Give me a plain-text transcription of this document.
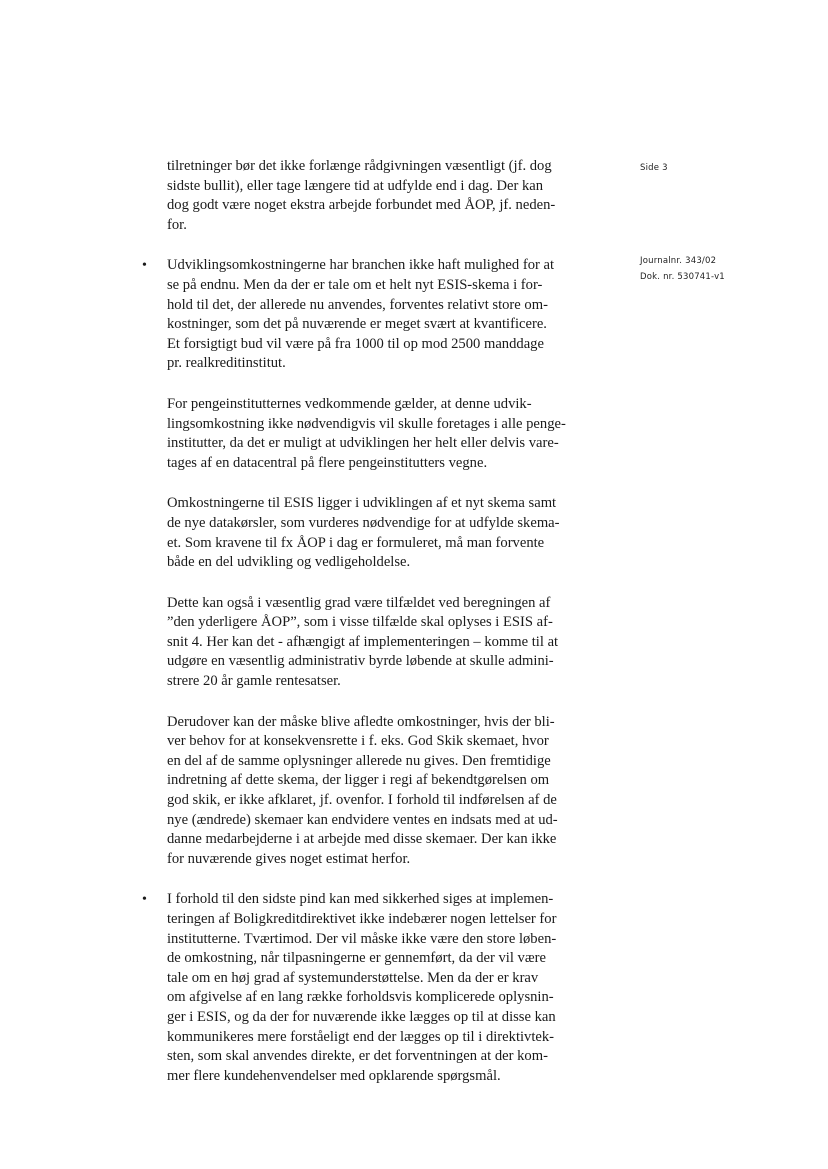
Side 3
Journalnr. 343/02
Dok. nr. 530741-v1

tilretninger bør det ikke forlænge rådgivningen væsentligt (jf. dog
sidste bullit), eller tage længere tid at udfylde end i dag. Der kan
dog godt være noget ekstra arbejde forbundet med ÅOP, jf. neden-
for.

• Udviklingsomkostningerne har branchen ikke haft mulighed for at
se på endnu. Men da der er tale om et helt nyt ESIS-skema i for-
hold til det, der allerede nu anvendes, forventes relativt store om-
kostninger, som det på nuværende er meget svært at kvantificere.
Et forsigtigt bud vil være på fra 1000 til op mod 2500 manddage
pr. realkreditinstitut.

For pengeinstitutternes vedkommende gælder, at denne udvik-
lingsomkostning ikke nødvendigvis vil skulle foretages i alle penge-
institutter, da det er muligt at udviklingen her helt eller delvis vare-
tages af en datacentral på flere pengeinstitutters vegne.

Omkostningerne til ESIS ligger i udviklingen af et nyt skema samt
de nye datakørsler, som vurderes nødvendige for at udfylde skema-
et. Som kravene til fx ÅOP i dag er formuleret, må man forvente
både en del udvikling og vedligeholdelse.

Dette kan også i væsentlig grad være tilfældet ved beregningen af
”den yderligere ÅOP”, som i visse tilfælde skal oplyses i ESIS af-
snit 4. Her kan det - afhængigt af implementeringen – komme til at
udgøre en væsentlig administrativ byrde løbende at skulle admini-
strere 20 år gamle rentesatser.

Derudover kan der måske blive afledte omkostninger, hvis der bli-
ver behov for at konsekvensrette i f. eks. God Skik skemaet, hvor
en del af de samme oplysninger allerede nu gives. Den fremtidige
indretning af dette skema, der ligger i regi af bekendtgørelsen om
god skik, er ikke afklaret, jf. ovenfor. I forhold til indførelsen af de
nye (ændrede) skemaer kan endvidere ventes en indsats med at ud-
danne medarbejderne i at arbejde med disse skemaer. Der kan ikke
for nuværende gives noget estimat herfor.

• I forhold til den sidste pind kan med sikkerhed siges at implemen-
teringen af Boligkreditdirektivet ikke indebærer nogen lettelser for
institutterne. Tværtimod. Der vil måske ikke være den store løben-
de omkostning, når tilpasningerne er gennemført, da der vil være
tale om en høj grad af systemunderstøttelse. Men da der er krav
om afgivelse af en lang række forholdsvis komplicerede oplysnin-
ger i ESIS, og da der for nuværende ikke lægges op til at disse kan
kommunikeres mere forståeligt end der lægges op til i direktivtek-
sten, som skal anvendes direkte, er det forventningen at der kom-
mer flere kundehenvendelser med opklarende spørgsmål.
